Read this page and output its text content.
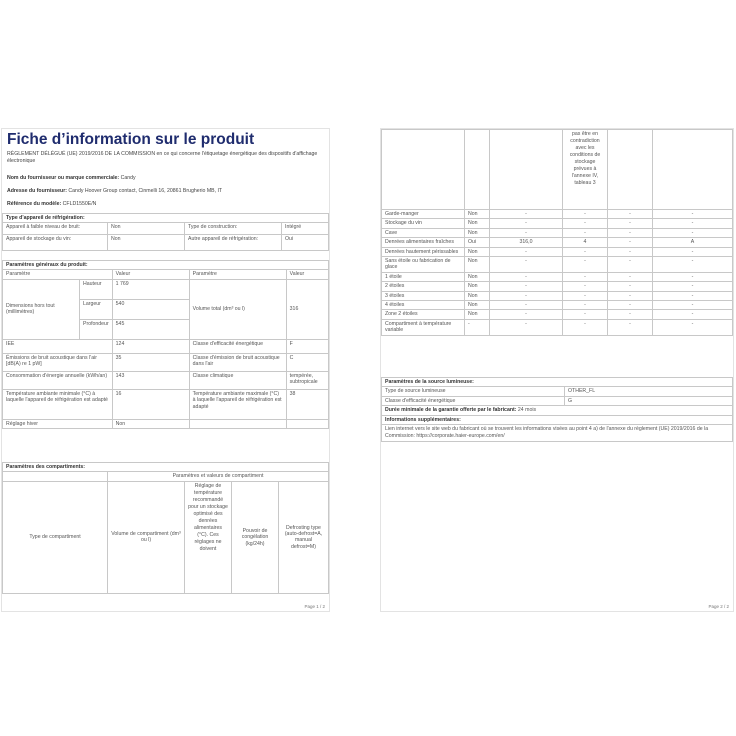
Fiche d’information sur le produit
RÈGLEMENT DÉLÉGUÉ (UE) 2019/2016 DE LA COMMISSION en ce qui concerne l'étiquetage énergétique des dispositifs d'affichage électronique
Nom du fournisseur ou marque commerciale: Candy
Adresse du fournisseur: Candy Hoover Group contact, Cinmelli 16, 20861 Brugherio MB, IT
Référence du modèle: CFLD1550E/N
Type d'appareil de réfrigération:			
Appareil à faible niveau de bruit:	Non	Type de construction:	Intégré
Appareil de stockage du vin:	Non	Autre appareil de réfrigération:	Oui
Paramètres généraux du produit:				
Paramètre		Valeur	Paramètre	Valeur
Dimensions hors tout (millimètres)	Hauteur	1 769	Volume total (dm³ ou l)	316
	Largeur	540		
	Profondeur	545		
IEE		124	Classe d'efficacité énergétique	F
Émissions de bruit acoustique dans l'air [dB(A) re 1 pW]		35	Classe d'émission de bruit acoustique dans l'air	C
Consommation d'énergie annuelle (kWh/an)		143	Classe climatique	tempérée, subtropicale
Température ambiante minimale (°C) à laquelle l'appareil de réfrigération est adapté		16	Température ambiante maximale (°C) à laquelle l'appareil de réfrigération est adapté	38
Réglage hiver		Non		
Paramètres des compartiments:				
	Paramètres et valeurs de compartiment			
Type de compartiment	Volume de compartiment (dm³ ou l)	Réglage de température recommandé pour un stockage optimisé des denrées alimentaires (°C). Ces réglages ne doivent	Pouvoir de congélation (kg/24h)	Defrosting type (auto-defrost=A, manual defrost=M)
Page 1 / 2
			pas être en contradiction avec les conditions de stockage prévues à l'annexe IV, tableau 3		
Garde-manger	Non	-	-	-	-
Stockage du vin	Non	-	-	-	-
Cave	Non	-	-	-	-
Denrées alimentaires fraîches	Oui	316,0	4	-	A
Denrées hautement périssables	Non	-	-	-	-
Sans étoile ou fabrication de glace	Non	-	-	-	-
1 étoile	Non	-	-	-	-
2 étoiles	Non	-	-	-	-
3 étoiles	Non	-	-	-	-
4 étoiles	Non	-	-	-	-
Zone 2 étoiles	Non	-	-	-	-
Compartiment à température variable	-	-	-	-	-
Paramètres de la source lumineuse:	
Type de source lumineuse	OTHER_FL
Classe d'efficacité énergétique	G
Durée minimale de la garantie offerte par le fabricant: 24 mois	
Informations supplémentaires:	
Lien internet vers le site web du fabricant où se trouvent les informations visées au point 4 a) de l'annexe du règlement (UE) 2019/2016 de la Commission: https://corporate.haier-europe.com/en/	
Page 2 / 2
